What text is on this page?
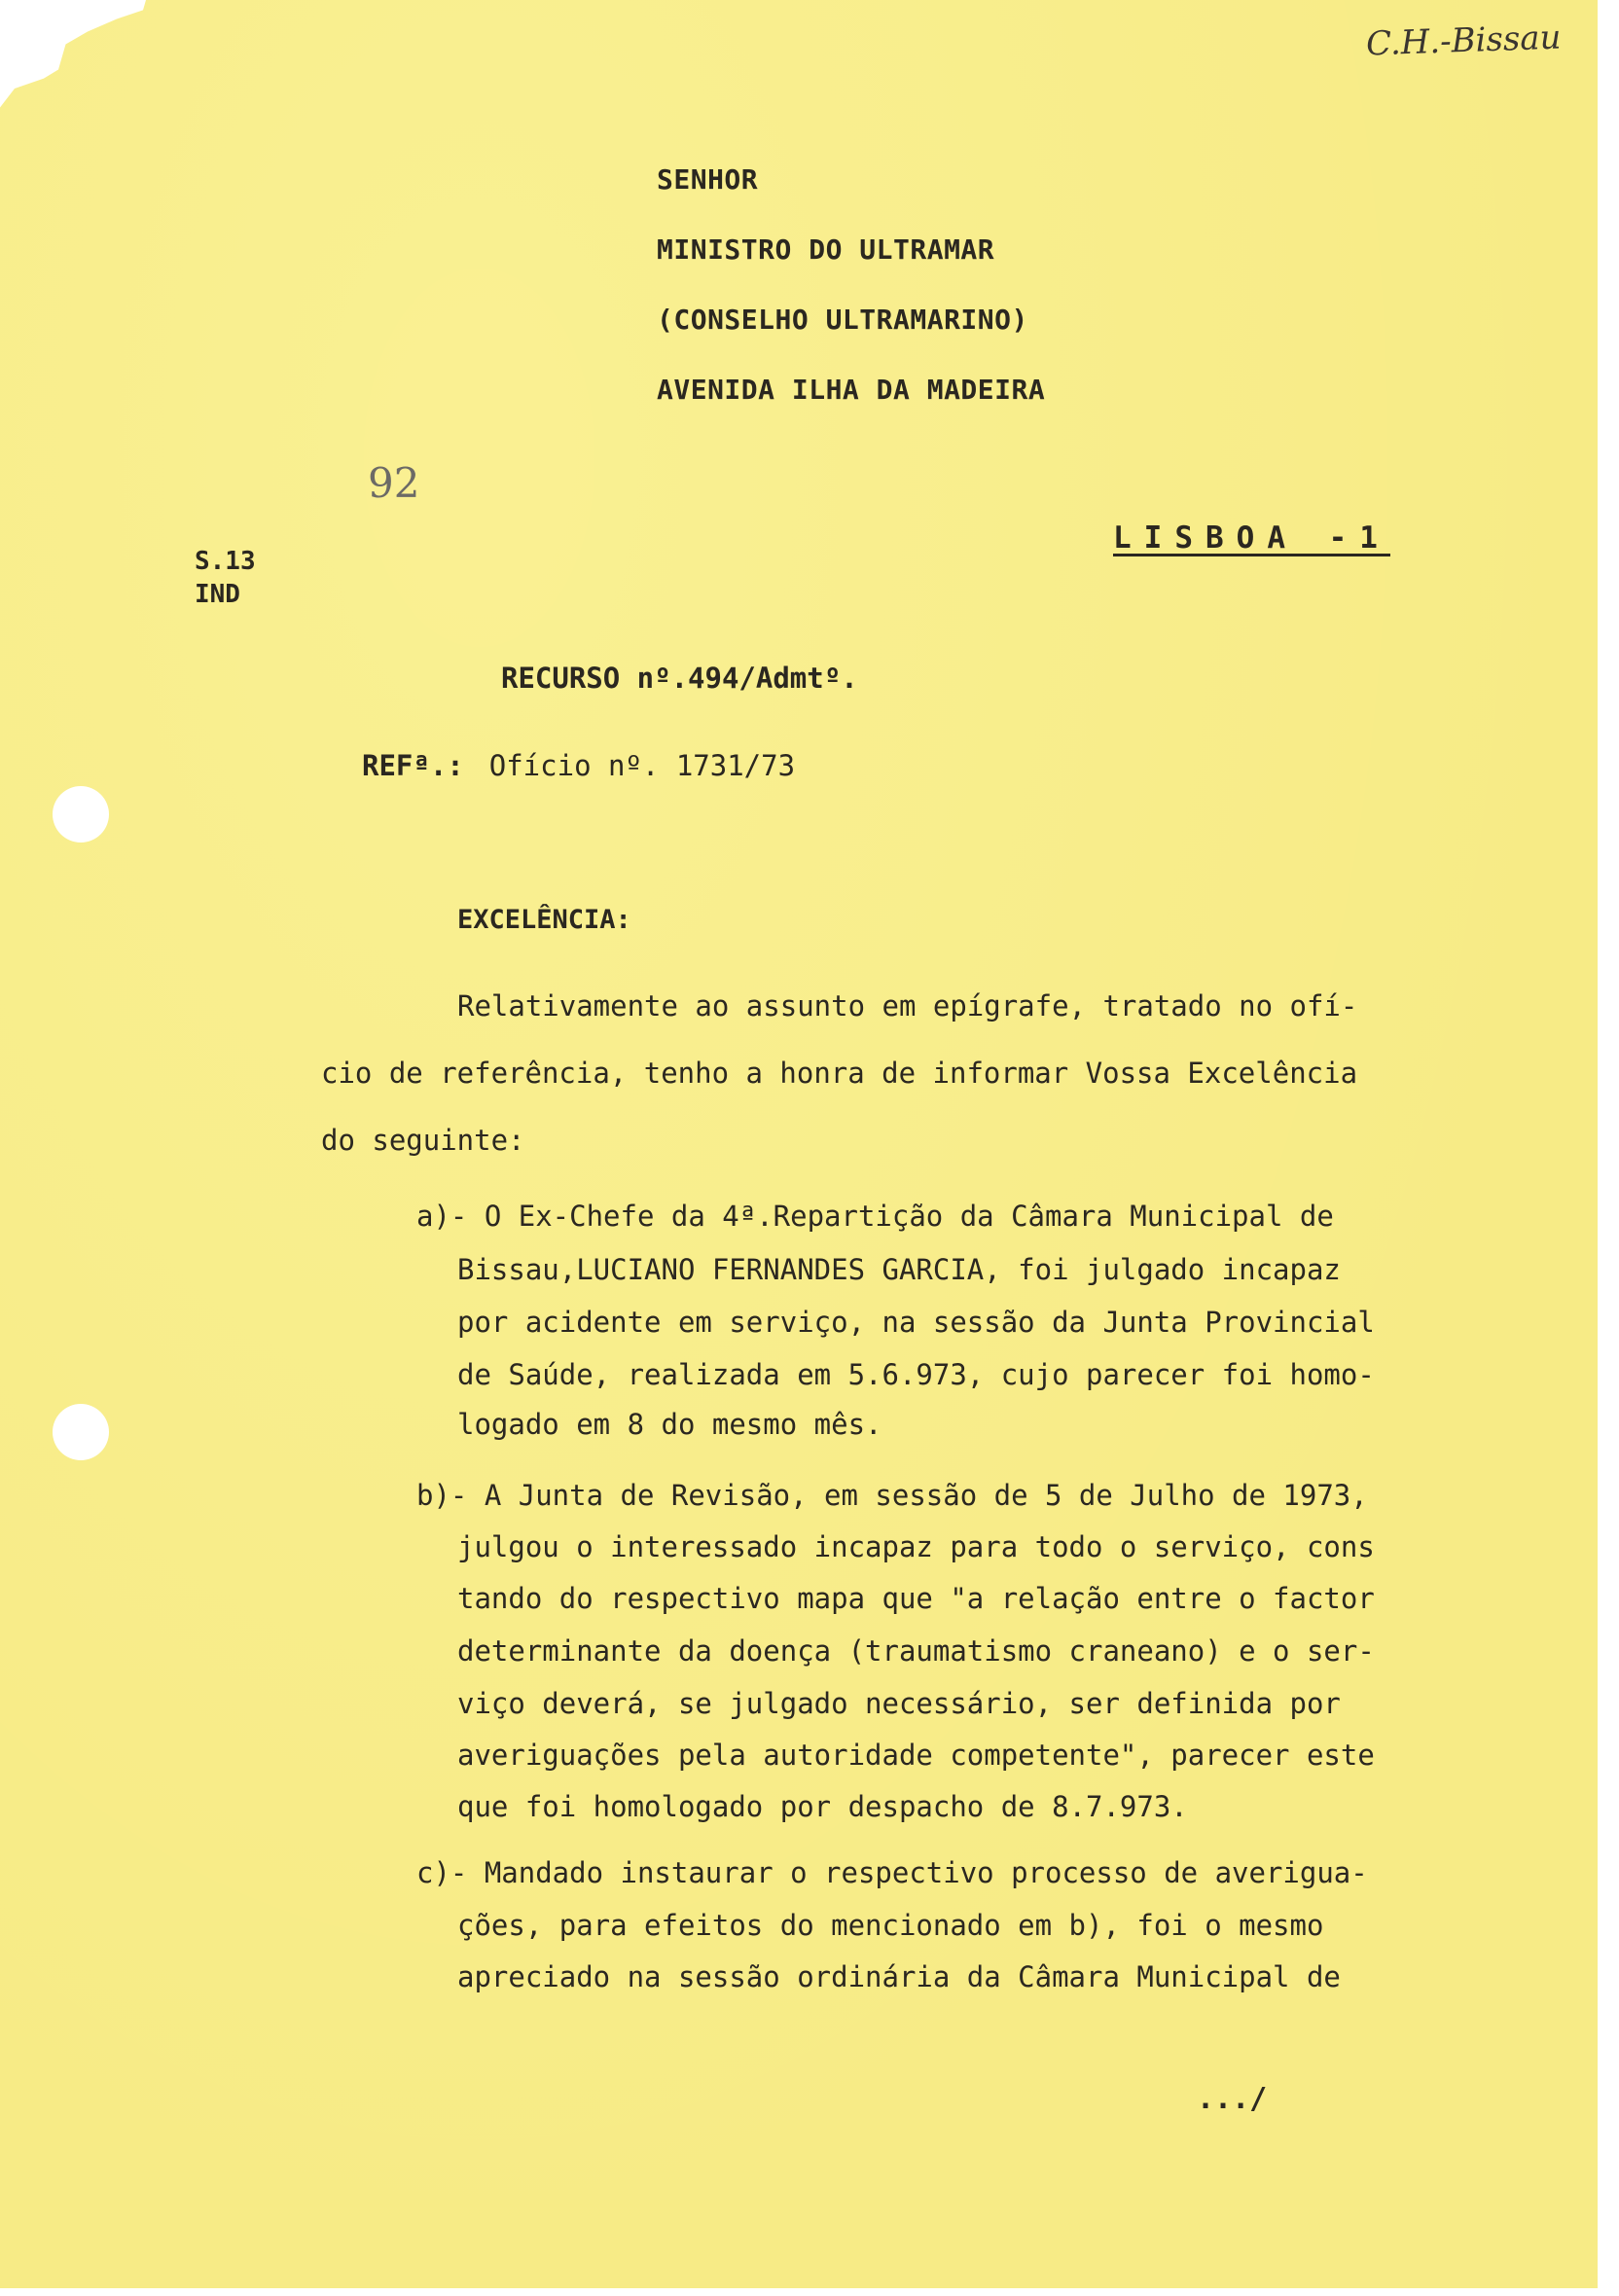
C.H.-Bissau
SENHOR
MINISTRO DO ULTRAMAR
(CONSELHO ULTRAMARINO)
AVENIDA ILHA DA MADEIRA
92
S.13
IND
LISBOA -1
RECURSO nº.494/Admtº.
REFª.: Ofício nº. 1731/73
EXCELÊNCIA:
Relativamente ao assunto em epígrafe, tratado no ofí-
cio de referência, tenho a honra de informar Vossa Excelência
do seguinte:
a)- O Ex-Chefe da 4ª.Repartição da Câmara Municipal de
Bissau,LUCIANO FERNANDES GARCIA, foi julgado incapaz
por acidente em serviço, na sessão da Junta Provincial
de Saúde, realizada em 5.6.973, cujo parecer foi homo-
logado em 8 do mesmo mês.
b)- A Junta de Revisão, em sessão de 5 de Julho de 1973,
julgou o interessado incapaz para todo o serviço, cons
tando do respectivo mapa que "a relação entre o factor
determinante da doença (traumatismo craneano) e o ser-
viço deverá, se julgado necessário, ser definida por
averiguações pela autoridade competente", parecer este
que foi homologado por despacho de 8.7.973.
c)- Mandado instaurar o respectivo processo de averigua-
ções, para efeitos do mencionado em b), foi o mesmo
apreciado na sessão ordinária da Câmara Municipal de
.../
